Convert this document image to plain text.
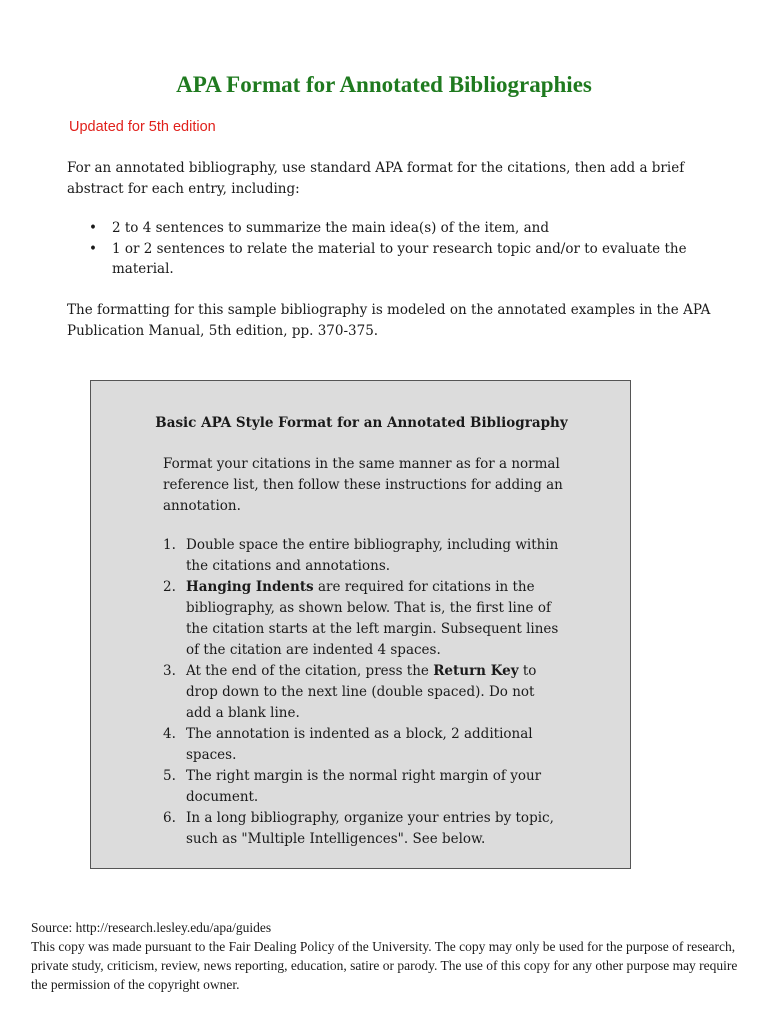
APA Format for Annotated Bibliographies
Updated for 5th edition

For an annotated bibliography, use standard APA format for the citations, then add a brief abstract for each entry, including:

• 2 to 4 sentences to summarize the main idea(s) of the item, and
• 1 or 2 sentences to relate the material to your research topic and/or to evaluate the material.

The formatting for this sample bibliography is modeled on the annotated examples in the APA Publication Manual, 5th edition, pp. 370-375.

Basic APA Style Format for an Annotated Bibliography

Format your citations in the same manner as for a normal reference list, then follow these instructions for adding an annotation.

1. Double space the entire bibliography, including within the citations and annotations.
2. Hanging Indents are required for citations in the bibliography, as shown below. That is, the first line of the citation starts at the left margin. Subsequent lines of the citation are indented 4 spaces.
3. At the end of the citation, press the Return Key to drop down to the next line (double spaced). Do not add a blank line.
4. The annotation is indented as a block, 2 additional spaces.
5. The right margin is the normal right margin of your document.
6. In a long bibliography, organize your entries by topic, such as "Multiple Intelligences". See below.

Source: http://research.lesley.edu/apa/guides

This copy was made pursuant to the Fair Dealing Policy of the University. The copy may only be used for the purpose of research, private study, criticism, review, news reporting, education, satire or parody. The use of this copy for any other purpose may require the permission of the copyright owner.
